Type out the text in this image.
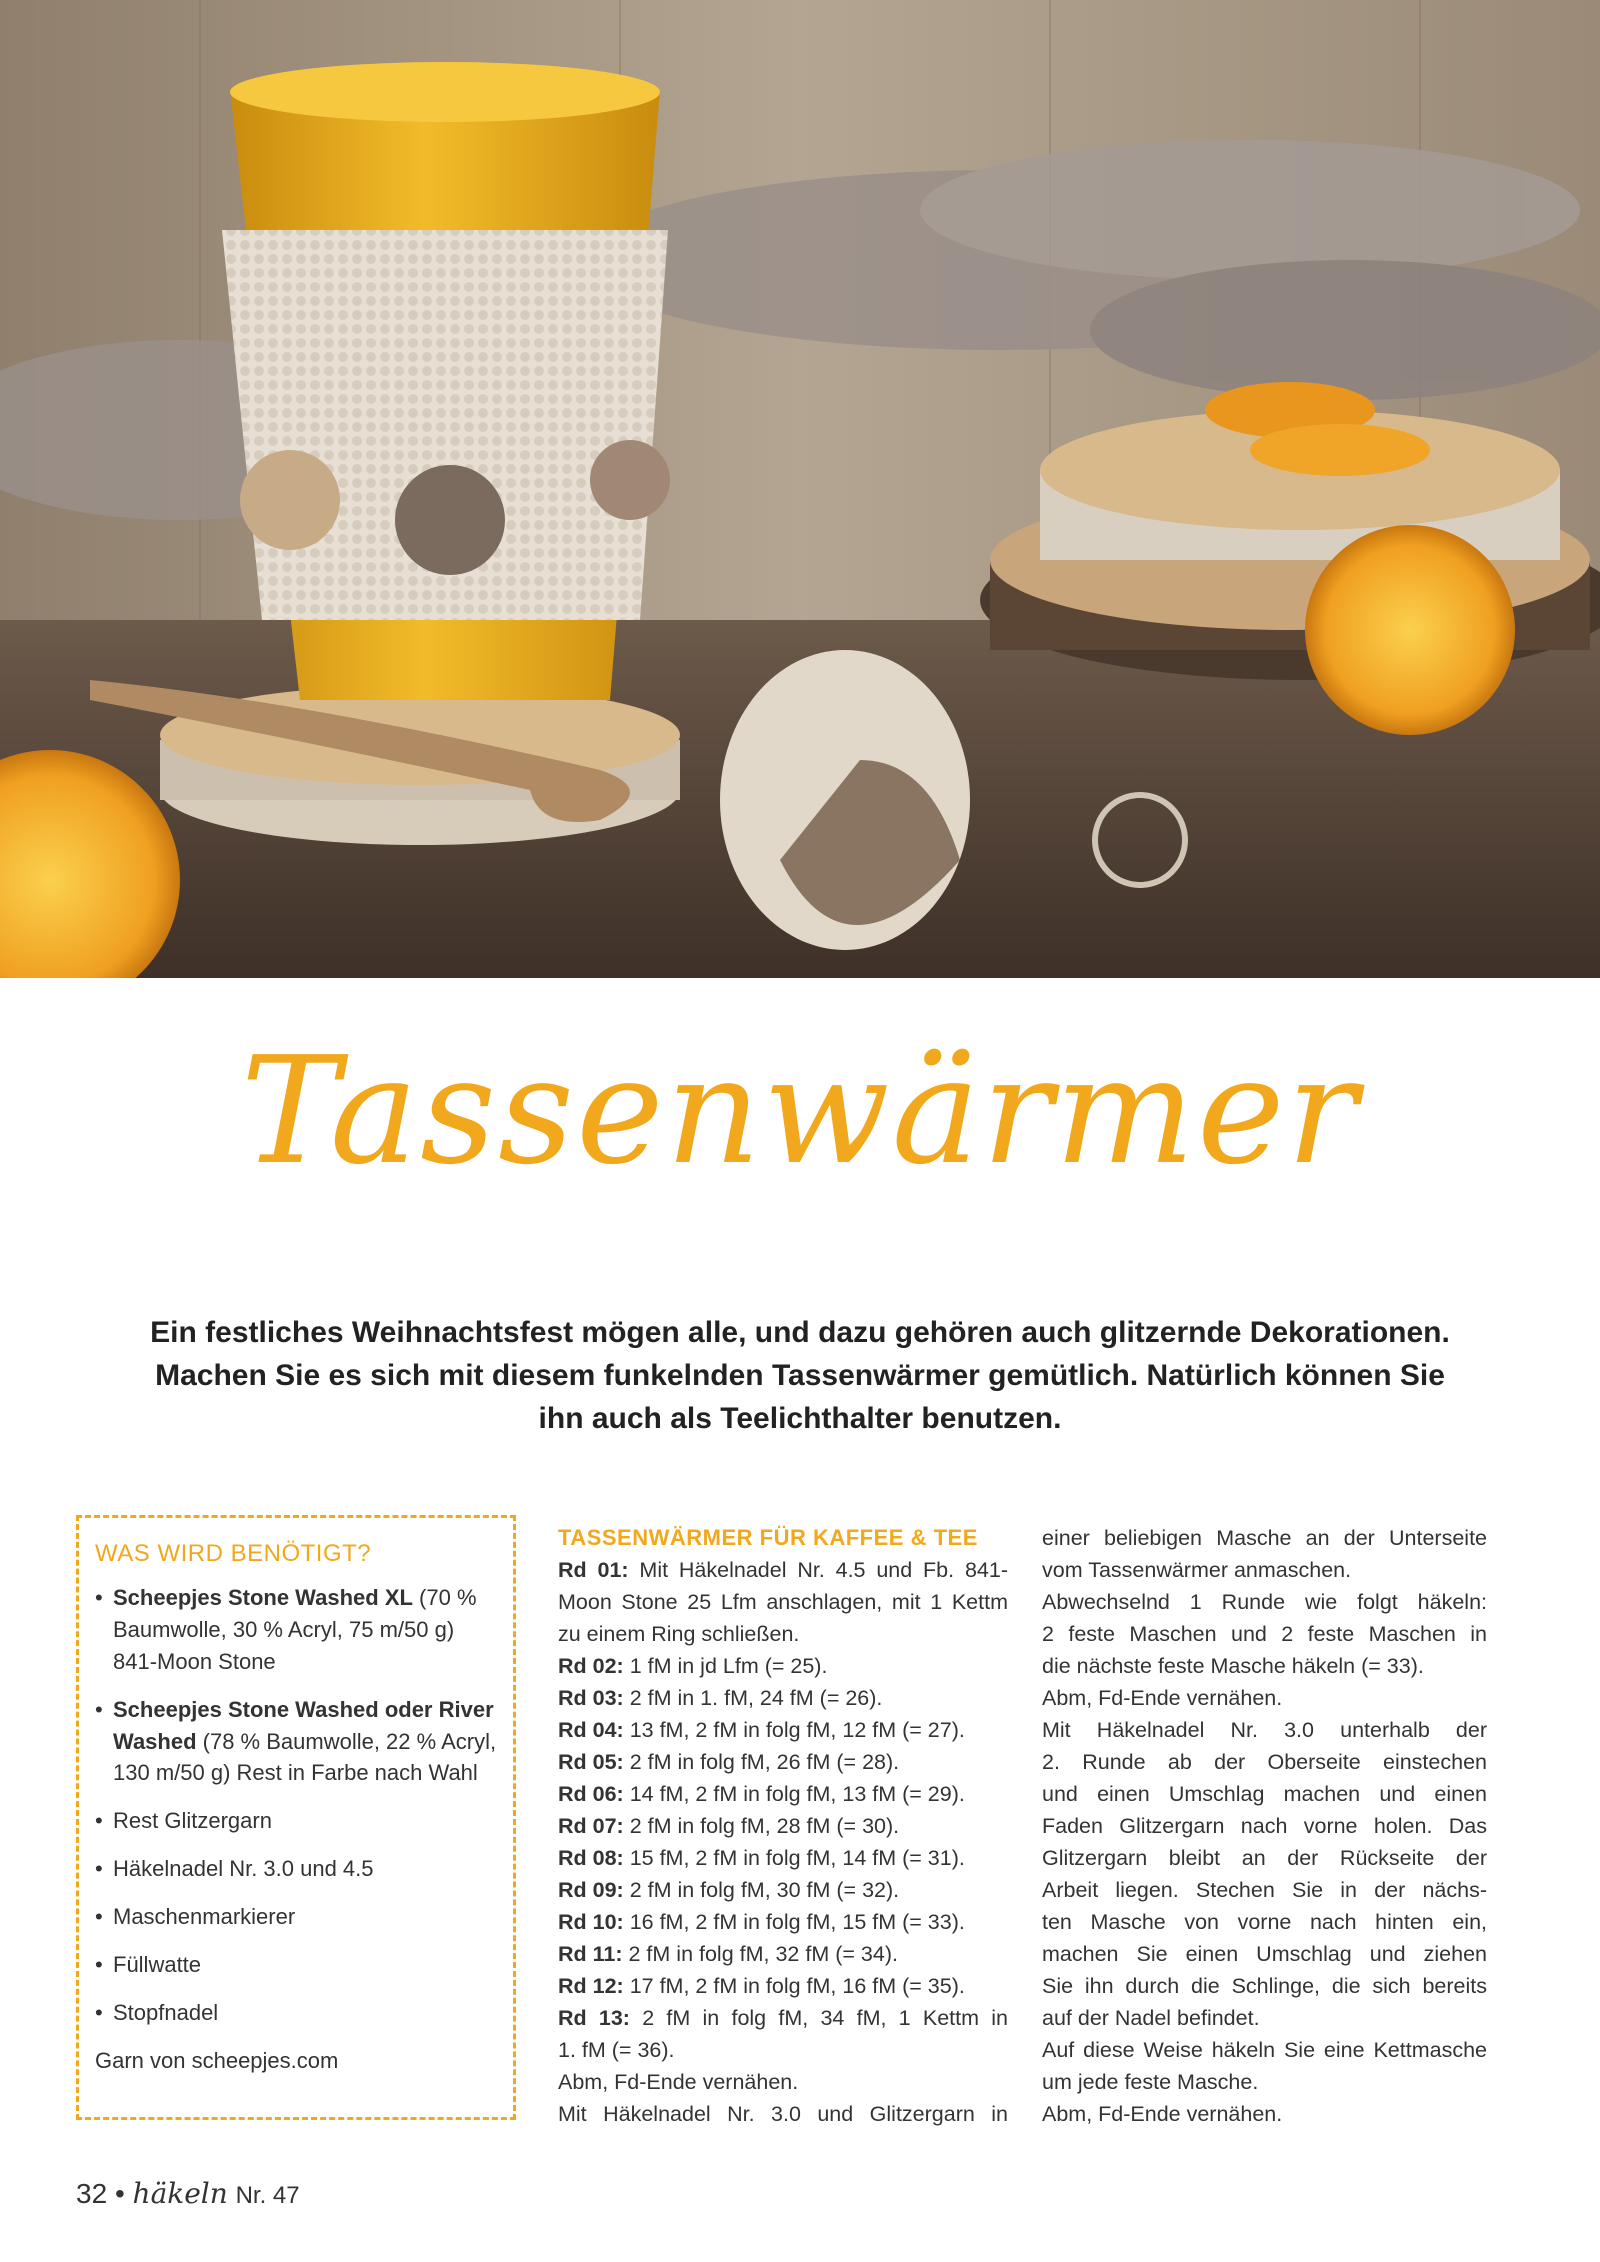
Tassenwärmer

Ein festliches Weihnachtsfest mögen alle, und dazu gehören auch glitzernde Dekorationen.

Machen Sie es sich mit diesem funkelnden Tassenwärmer gemütlich. Natürlich können Sie

ihn auch als Teelichthalter benutzen.

WAS WIRD BENÖTIGT?
• Scheepjes Stone Washed XL (70 % Baumwolle, 30 % Acryl, 75 m/50 g) 841-Moon Stone
• Scheepjes Stone Washed oder River Washed (78 % Baumwolle, 22 % Acryl, 130 m/50 g) Rest in Farbe nach Wahl
• Rest Glitzergarn
• Häkelnadel Nr. 3.0 und 4.5
• Maschenmarkierer
• Füllwatte
• Stopfnadel
Garn von scheepjes.com
TASSENWÄRMER FÜR KAFFEE & TEE
Rd 01: Mit Häkelnadel Nr. 4.5 und Fb. 841-
Moon Stone 25 Lfm anschlagen, mit 1 Kettm
zu einem Ring schließen.
Rd 02: 1 fM in jd Lfm (= 25).
Rd 03: 2 fM in 1. fM, 24 fM (= 26).
Rd 04: 13 fM, 2 fM in folg fM, 12 fM (= 27).
Rd 05: 2 fM in folg fM, 26 fM (= 28).
Rd 06: 14 fM, 2 fM in folg fM, 13 fM (= 29).
Rd 07: 2 fM in folg fM, 28 fM (= 30).
Rd 08: 15 fM, 2 fM in folg fM, 14 fM (= 31).
Rd 09: 2 fM in folg fM, 30 fM (= 32).
Rd 10: 16 fM, 2 fM in folg fM, 15 fM (= 33).
Rd 11: 2 fM in folg fM, 32 fM (= 34).
Rd 12: 17 fM, 2 fM in folg fM, 16 fM (= 35).
Rd 13: 2 fM in folg fM, 34 fM, 1 Kettm in
1. fM (= 36).
Abm, Fd-Ende vernähen.
Mit Häkelnadel Nr. 3.0 und Glitzergarn in
einer beliebigen Masche an der Unterseite
vom Tassenwärmer anmaschen.
Abwechselnd 1 Runde wie folgt häkeln:
2 feste Maschen und 2 feste Maschen in
die nächste feste Masche häkeln (= 33).
Abm, Fd-Ende vernähen.
Mit Häkelnadel Nr. 3.0 unterhalb der
2. Runde ab der Oberseite einstechen
und einen Umschlag machen und einen
Faden Glitzergarn nach vorne holen. Das
Glitzergarn bleibt an der Rückseite der
Arbeit liegen. Stechen Sie in der nächs-
ten Masche von vorne nach hinten ein,
machen Sie einen Umschlag und ziehen
Sie ihn durch die Schlinge, die sich bereits
auf der Nadel befindet.
Auf diese Weise häkeln Sie eine Kettmasche
um jede feste Masche.
Abm, Fd-Ende vernähen.
32 • häkeln Nr. 47
